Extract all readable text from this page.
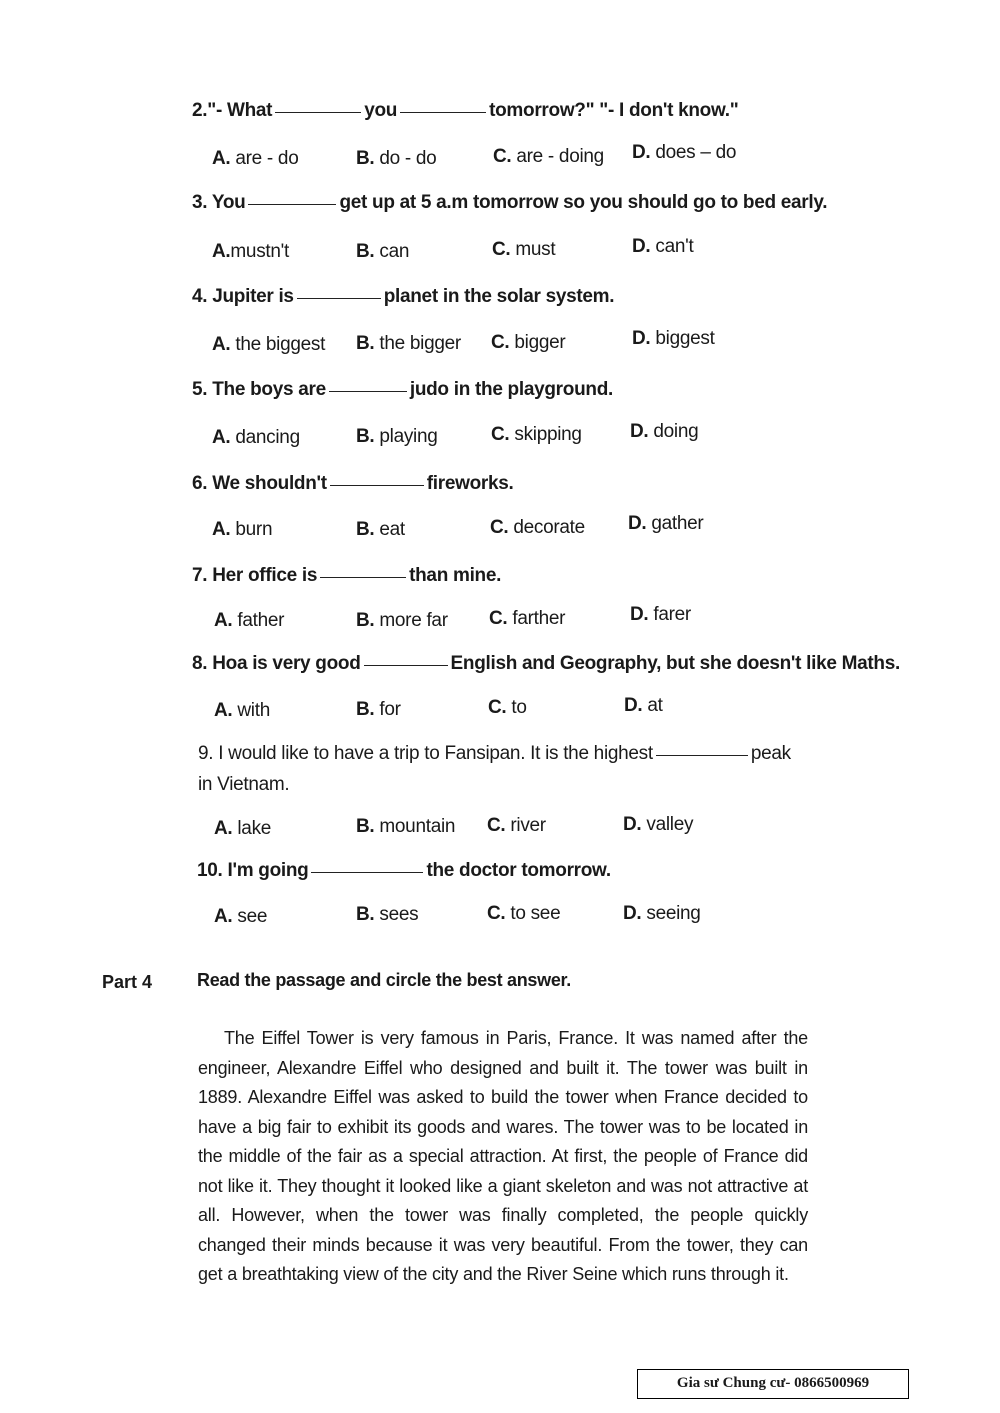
2."- What	you	tomorrow?" "- I don't know."
A. are - do	B. do - do	C. are - doing D. does – do
3. You	get up at 5 a.m tomorrow so you should go to bed early.
A.mustn't	B. can	C. must	D. can't
4. Jupiter is	planet in the solar system.
A. the biggest B. the bigger C. bigger	D. biggest
5. The boys are	judo in the playground.
A. dancing	B. playing	C. skipping	D. doing
6. We shouldn't	fireworks.
A. burn	B. eat	C. decorate D. gather
7. Her office is	than mine.
A. father	B. more far C. farther	D. farer
8. Hoa is very good	English and Geography, but she doesn't like Maths.
A. with	B. for	C. to	D. at
9. I would like to have a trip to Fansipan. It is the highest	peak in Vietnam.
A. lake	B. mountain C. river	D. valley
10. I'm going	the doctor tomorrow.
A. see	B. sees	C. to see	D. seeing
Part 4 Read the passage and circle the best answer.
The Eiffel Tower is very famous in Paris, France. It was named after the engineer, Alexandre Eiffel who designed and built it. The tower was built in 1889. Alexandre Eiffel was asked to build the tower when France decided to have a big fair to exhibit its goods and wares. The tower was to be located in the middle of the fair as a special attraction. At first, the people of France did not like it. They thought it looked like a giant skeleton and was not attractive at all. However, when the tower was finally completed, the people quickly changed their minds because it was very beautiful. From the tower, they can get a breathtaking view of the city and the River Seine which runs through it.
Gia sư Chung cư- 0866500969
